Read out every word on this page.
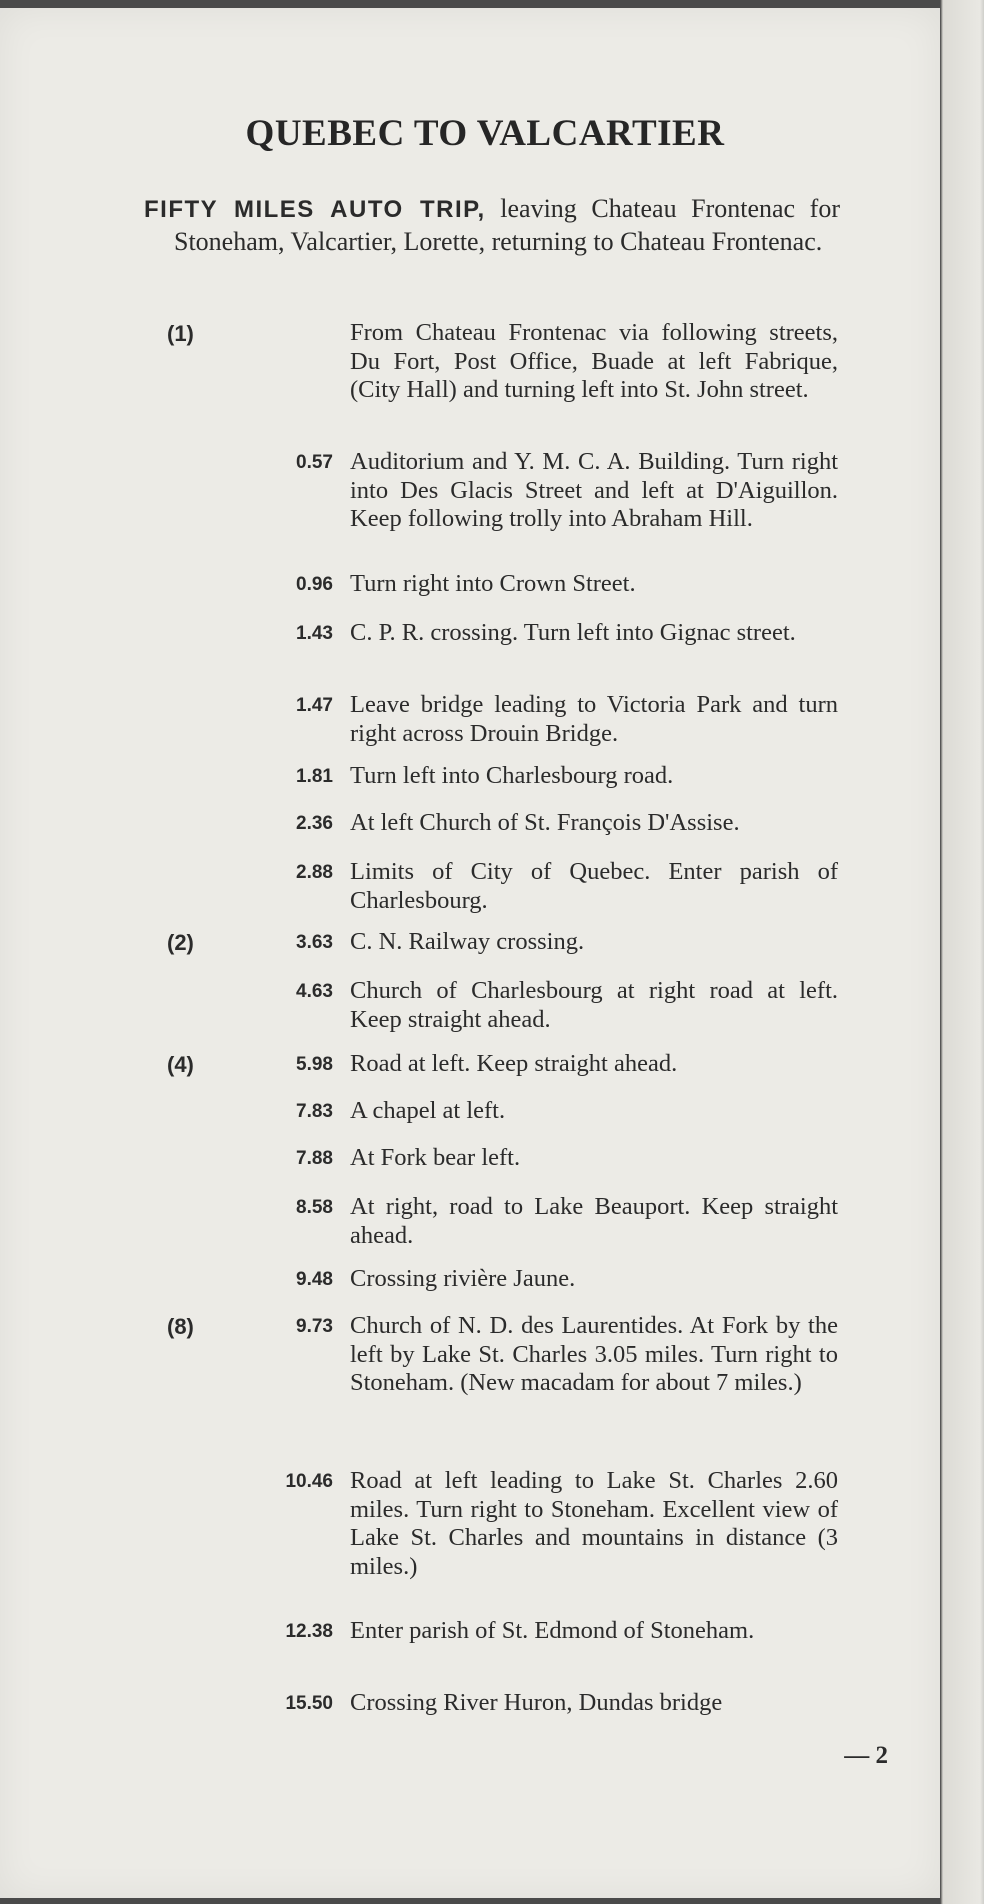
QUEBEC TO VALCARTIER
FIFTY MILES AUTO TRIP, leaving Chateau Frontenac for Stoneham, Valcartier, Lorette, returning to Chateau Frontenac.
(1)	From Chateau Frontenac via following streets, Du Fort, Post Office, Buade at left Fabrique, (City Hall) and turning left into St. John street.
0.57 Auditorium and Y. M. C. A. Building. Turn right into Des Glacis Street and left at D'Aiguillon. Keep following trolly into Abraham Hill.
0.96 Turn right into Crown Street.
1.43 C. P. R. crossing. Turn left into Gignac street.
1.47 Leave bridge leading to Victoria Park and turn right across Drouin Bridge.
1.81 Turn left into Charlesbourg road.
2.36 At left Church of St. François D'Assise.
2.88 Limits of City of Quebec. Enter parish of Charlesbourg.
(2)	3.63 C. N. Railway crossing.
4.63 Church of Charlesbourg at right road at left. Keep straight ahead.
(4)	5.98 Road at left. Keep straight ahead.
7.83 A chapel at left.
7.88 At Fork bear left.
8.58 At right, road to Lake Beauport. Keep straight ahead.
9.48 Crossing rivière Jaune.
(8)	9.73 Church of N. D. des Laurentides. At Fork by the left by Lake St. Charles 3.05 miles. Turn right to Stoneham. (New macadam for about 7 miles.)
10.46 Road at left leading to Lake St. Charles 2.60 miles. Turn right to Stoneham. Excellent view of Lake St. Charles and mountains in distance (3 miles.)
12.38 Enter parish of St. Edmond of Stoneham.
15.50 Crossing River Huron, Dundas bridge
— 2
